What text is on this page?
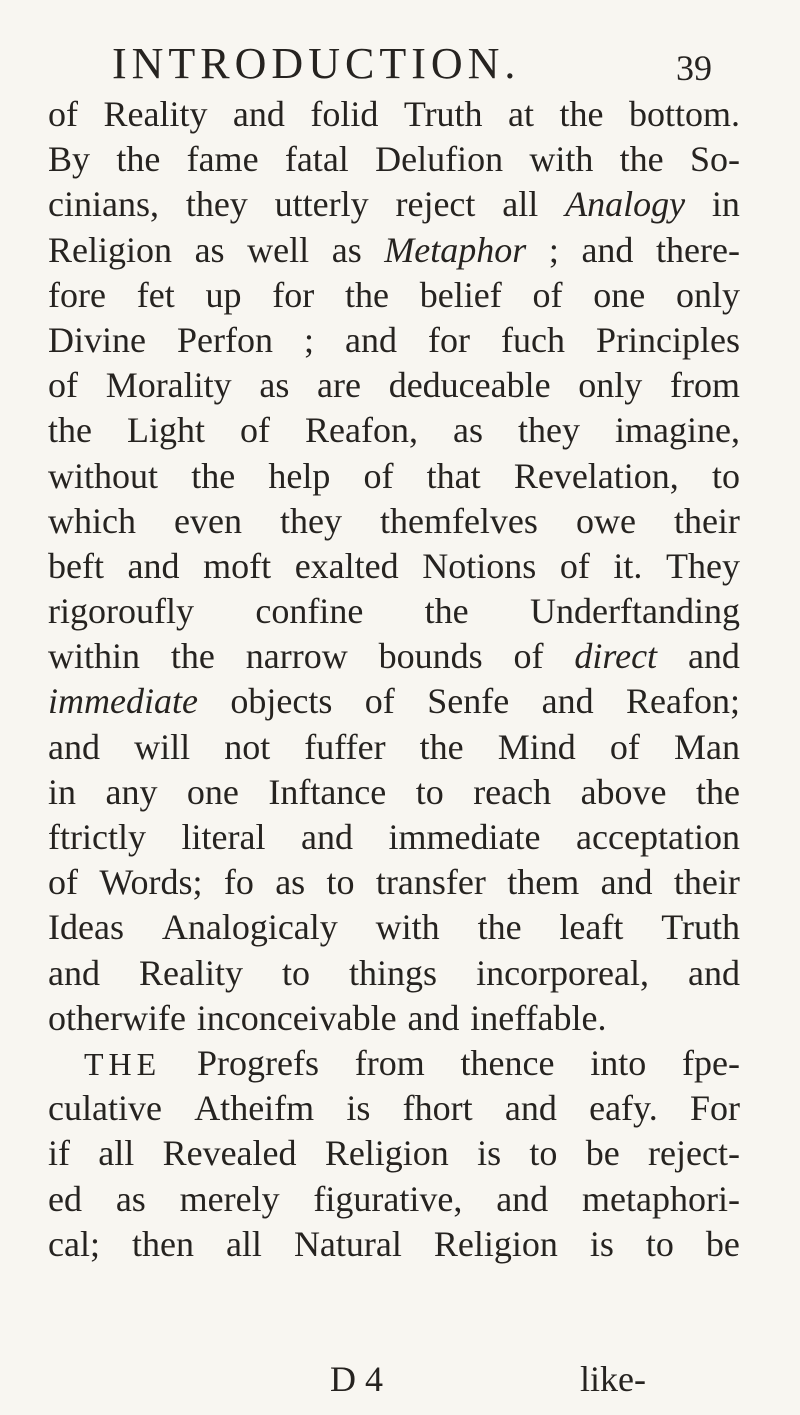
INTRODUCTION.	39
of Reality and folid Truth at the bottom.
By the fame fatal Delufion with the So-
cinians, they utterly reject all Analogy in
Religion as well as Metaphor ; and there-
fore fet up for the belief of one only
Divine Perfon ; and for fuch Principles
of Morality as are deduceable only from
the Light of Reafon, as they imagine,
without the help of that Revelation, to
which even they themfelves owe their
beft and moft exalted Notions of it. They
rigoroufly confine the Underftanding
within the narrow bounds of direct and
immediate objects of Senfe and Reafon;
and will not fuffer the Mind of Man
in any one Inftance to reach above the
ftrictly literal and immediate acceptation
of Words; fo as to transfer them and their
Ideas Analogicaly with the leaft Truth
and Reality to things incorporeal, and
otherwife inconceivable and ineffable.
THE Progrefs from thence into fpe-
culative Atheifm is fhort and eafy. For
if all Revealed Religion is to be reject-
ed as merely figurative, and metaphori-
cal; then all Natural Religion is to be
D 4	like-
